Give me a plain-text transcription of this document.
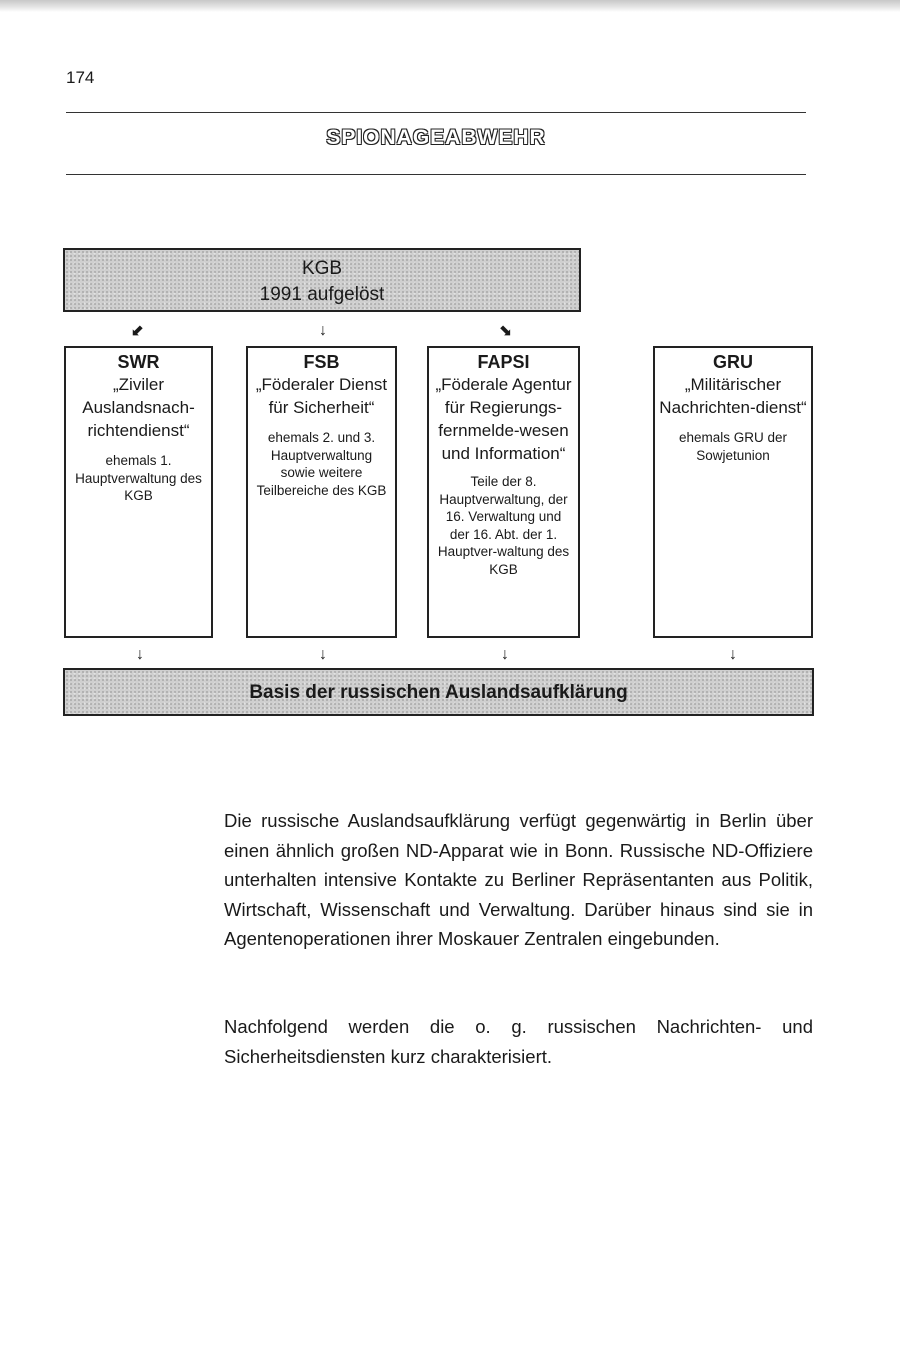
174
SPIONAGEABWEHR
KGB
1991 aufgelöst
⬋	↓	⬊
SWR
„Ziviler Auslandsnach-richtendienst“
ehemals 1. Hauptverwaltung des KGB
FSB
„Föderaler Dienst für Sicherheit“
ehemals 2. und 3. Hauptverwaltung sowie weitere Teilbereiche des KGB
FAPSI
„Föderale Agentur für Regierungs-fernmelde-wesen und Information“
Teile der 8. Hauptverwaltung, der 16. Verwaltung und der 16. Abt. der 1. Hauptver-waltung des KGB
GRU
„Militärischer Nachrichten-dienst“
ehemals GRU der Sowjetunion
↓	↓	↓	↓
Basis der russischen Auslandsaufklärung

Die russische Auslandsaufklärung verfügt gegenwärtig in Berlin über einen ähnlich großen ND-Apparat wie in Bonn. Russische ND-Offiziere unterhalten intensive Kontakte zu Berliner Repräsentanten aus Politik, Wirtschaft, Wissenschaft und Verwaltung. Darüber hinaus sind sie in Agentenoperationen ihrer Moskauer Zentralen eingebunden.

Nachfolgend werden die o. g. russischen Nachrichten- und Sicherheitsdiensten kurz charakterisiert.
